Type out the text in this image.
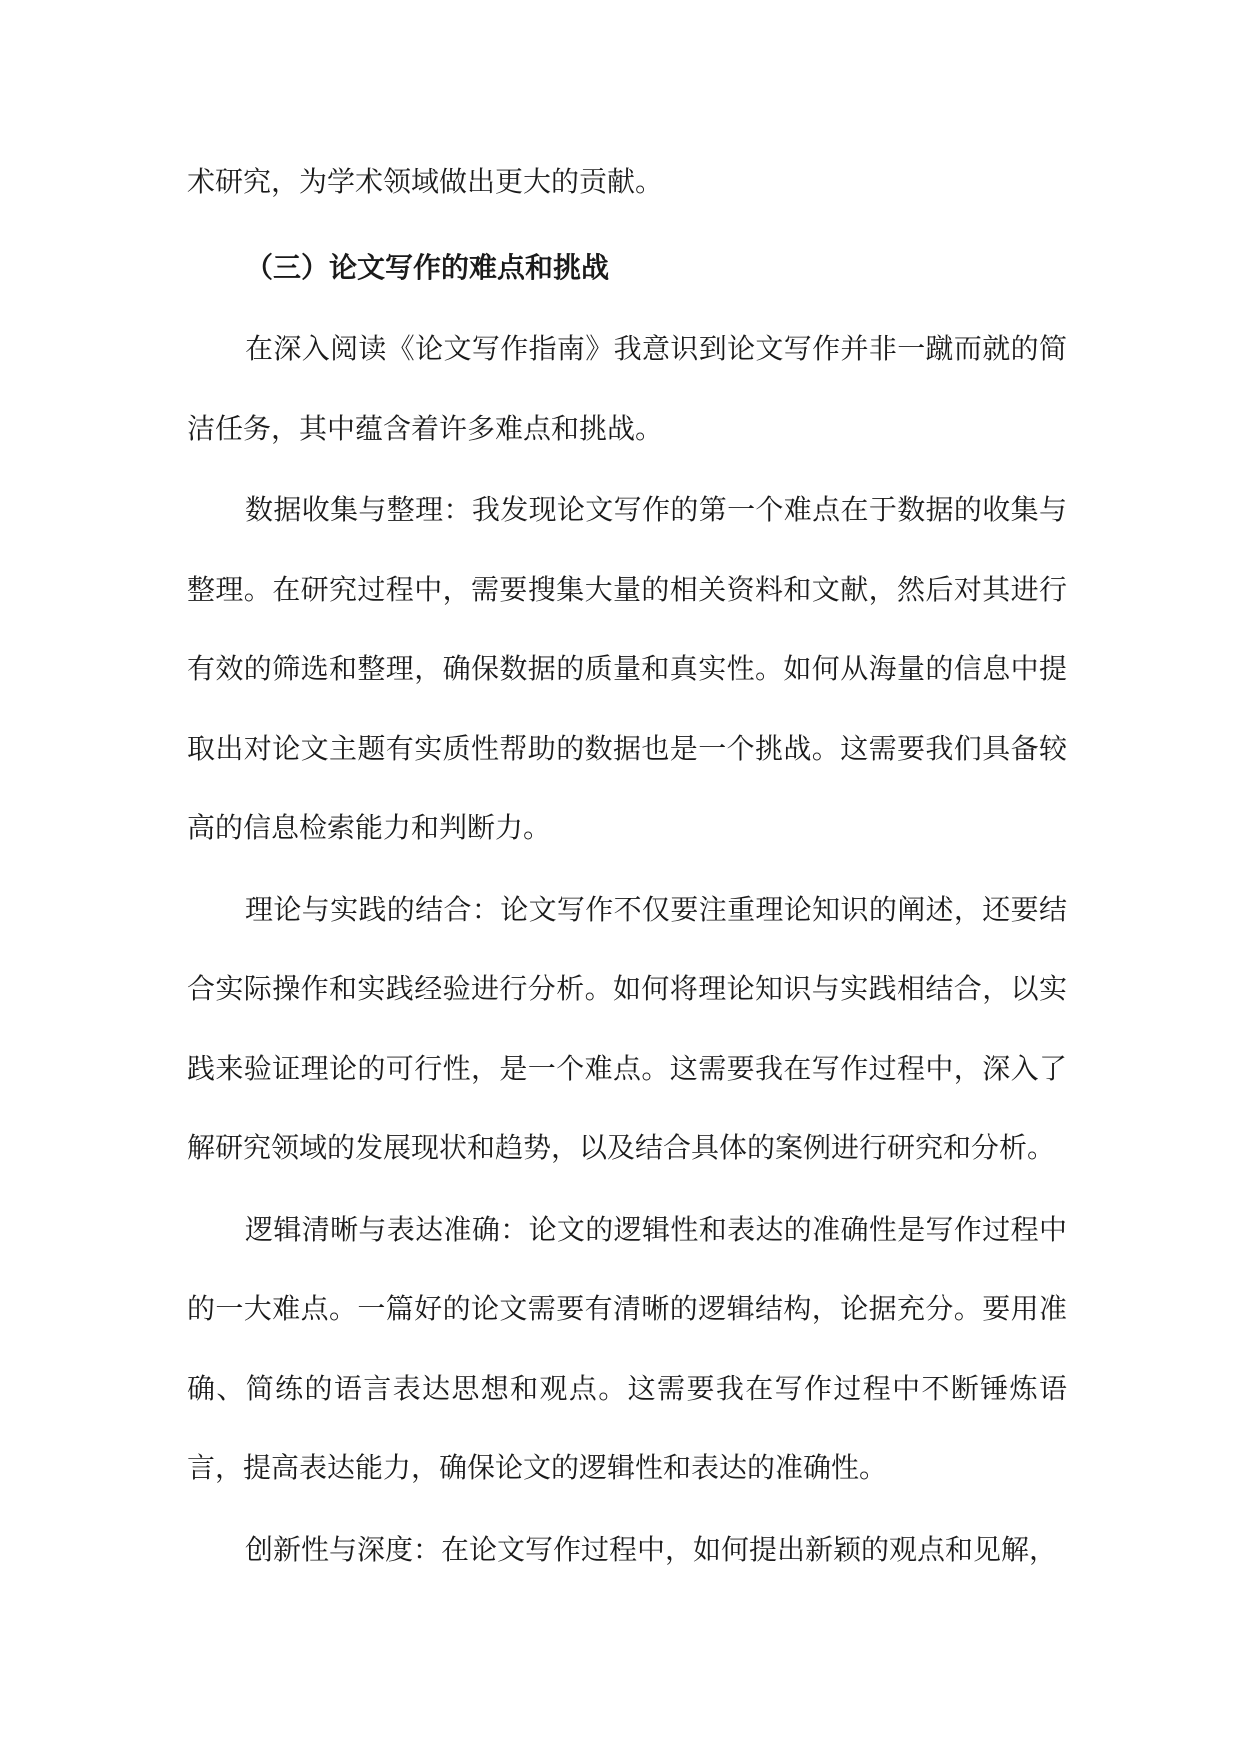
术研究，为学术领域做出更大的贡献。

（三）论文写作的难点和挑战

在深入阅读《论文写作指南》我意识到论文写作并非一蹴而就的简洁任务，其中蕴含着许多难点和挑战。

数据收集与整理：我发现论文写作的第一个难点在于数据的收集与整理。在研究过程中，需要搜集大量的相关资料和文献，然后对其进行有效的筛选和整理，确保数据的质量和真实性。如何从海量的信息中提取出对论文主题有实质性帮助的数据也是一个挑战。这需要我们具备较高的信息检索能力和判断力。

理论与实践的结合：论文写作不仅要注重理论知识的阐述，还要结合实际操作和实践经验进行分析。如何将理论知识与实践相结合，以实践来验证理论的可行性，是一个难点。这需要我在写作过程中，深入了解研究领域的发展现状和趋势，以及结合具体的案例进行研究和分析。

逻辑清晰与表达准确：论文的逻辑性和表达的准确性是写作过程中的一大难点。一篇好的论文需要有清晰的逻辑结构，论据充分。要用准确、简练的语言表达思想和观点。这需要我在写作过程中不断锤炼语言，提高表达能力，确保论文的逻辑性和表达的准确性。

创新性与深度：在论文写作过程中，如何提出新颖的观点和见解，
